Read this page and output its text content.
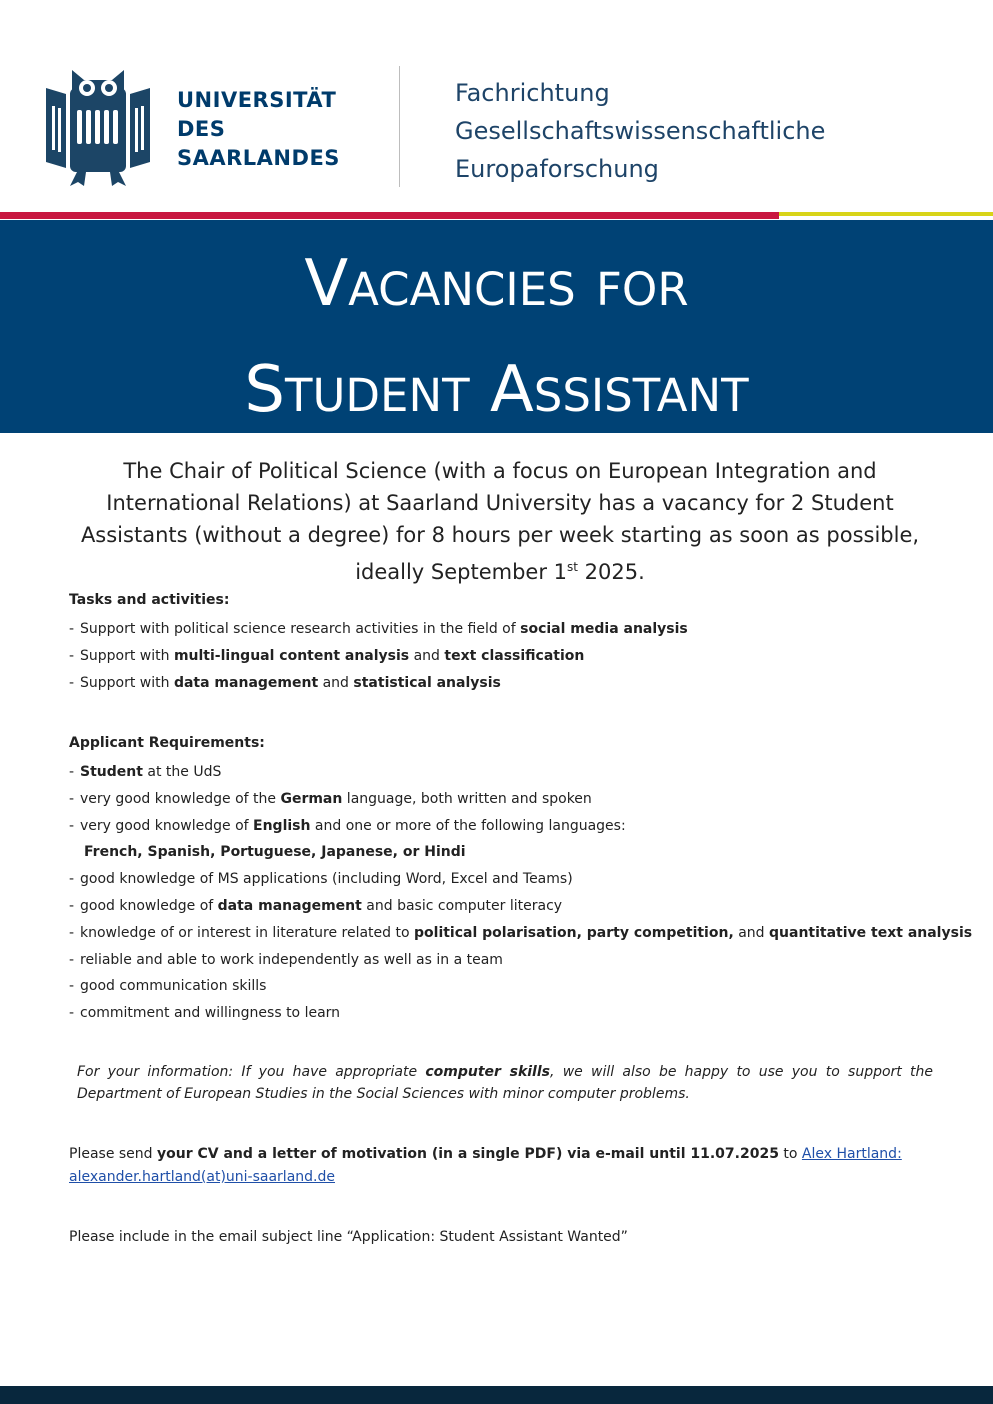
UNIVERSITÄT
DES
SAARLANDES
Fachrichtung
Gesellschaftswissenschaftliche
Europaforschung
Vacancies for
Student Assistant
The Chair of Political Science (with a focus on European Integration and International Relations) at Saarland University has a vacancy for 2 Student Assistants (without a degree) for 8 hours per week starting as soon as possible, ideally September 1st 2025.
Tasks and activities:
- Support with political science research activities in the field of social media analysis
- Support with multi-lingual content analysis and text classification
- Support with data management and statistical analysis
Applicant Requirements:
- Student at the UdS
- very good knowledge of the German language, both written and spoken
- very good knowledge of English and one or more of the following languages:
French, Spanish, Portuguese, Japanese, or Hindi
- good knowledge of MS applications (including Word, Excel and Teams)
- good knowledge of data management and basic computer literacy
- knowledge of or interest in literature related to political polarisation, party competition, and quantitative text analysis
- reliable and able to work independently as well as in a team
- good communication skills
- commitment and willingness to learn
For your information: If you have appropriate computer skills, we will also be happy to use you to support the Department of European Studies in the Social Sciences with minor computer problems.
Please send your CV and a letter of motivation (in a single PDF) via e-mail until 11.07.2025 to Alex Hartland:
alexander.hartland(at)uni-saarland.de
Please include in the email subject line “Application: Student Assistant Wanted”
